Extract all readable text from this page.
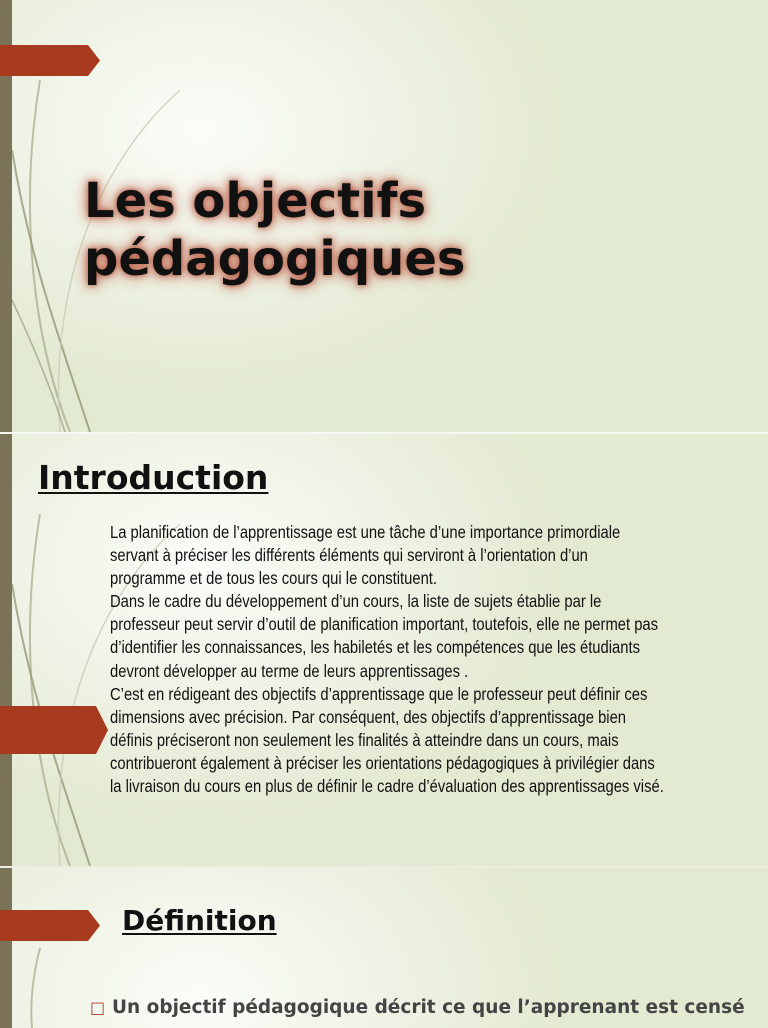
Les objectifs
pédagogiques
Introduction

La planification de l’apprentissage est une tâche d’une importance primordiale

servant à préciser les différents éléments qui serviront à l’orientation d’un

programme et de tous les cours qui le constituent.

Dans le cadre du développement d’un cours, la liste de sujets établie par le

professeur peut servir d’outil de planification important, toutefois, elle ne permet pas

d’identifier les connaissances, les habiletés et les compétences que les étudiants

devront développer au terme de leurs apprentissages .

C’est en rédigeant des objectifs d’apprentissage que le professeur peut définir ces

dimensions avec précision. Par conséquent, des objectifs d’apprentissage bien

définis préciseront non seulement les finalités à atteindre dans un cours, mais

contribueront également à préciser les orientations pédagogiques à privilégier dans

la livraison du cours en plus de définir le cadre d’évaluation des apprentissages visé.

Définition
□ Un objectif pédagogique décrit ce que l’apprenant est censé
